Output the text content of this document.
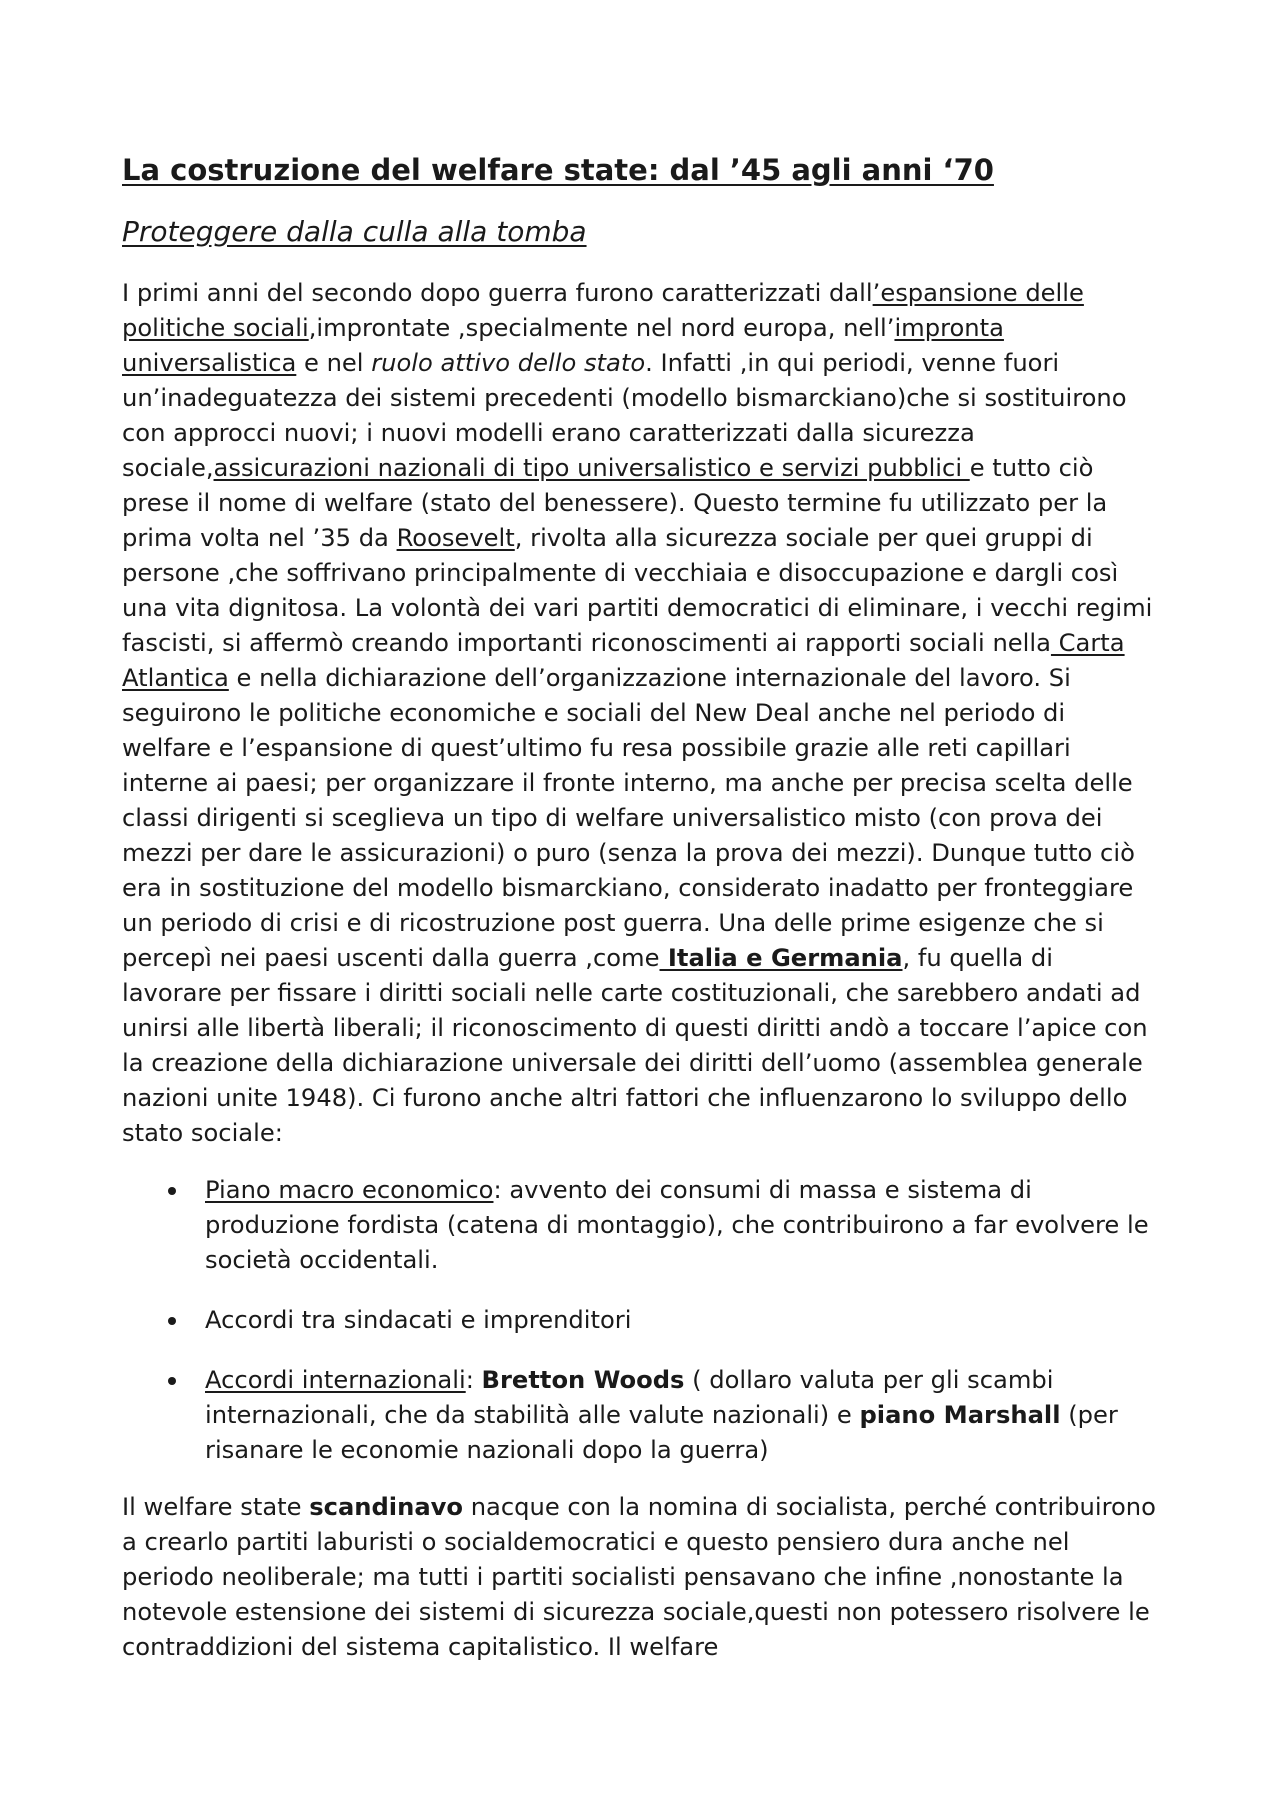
La costruzione del welfare state: dal ’45 agli anni ‘70
Proteggere dalla culla alla tomba

I primi anni del secondo dopo guerra furono caratterizzati dall’espansione delle politiche sociali,improntate ,specialmente nel nord europa, nell’impronta universalistica e nel ruolo attivo dello stato. Infatti ,in qui periodi, venne fuori un’inadeguatezza dei sistemi precedenti (modello bismarckiano)che si sostituirono con approcci nuovi; i nuovi modelli erano caratterizzati dalla sicurezza sociale,assicurazioni nazionali di tipo universalistico e servizi pubblici e tutto ciò prese il nome di welfare (stato del benessere). Questo termine fu utilizzato per la prima volta nel ’35 da Roosevelt, rivolta alla sicurezza sociale per quei gruppi di persone ,che soffrivano principalmente di vecchiaia e disoccupazione e dargli così una vita dignitosa. La volontà dei vari partiti democratici di eliminare, i vecchi regimi fascisti, si affermò creando importanti riconoscimenti ai rapporti sociali nella Carta Atlantica e nella dichiarazione dell’organizzazione internazionale del lavoro. Si seguirono le politiche economiche e sociali del New Deal anche nel periodo di welfare e l’espansione di quest’ultimo fu resa possibile grazie alle reti capillari interne ai paesi; per organizzare il fronte interno, ma anche per precisa scelta delle classi dirigenti si sceglieva un tipo di welfare universalistico misto (con prova dei mezzi per dare le assicurazioni) o puro (senza la prova dei mezzi). Dunque tutto ciò era in sostituzione del modello bismarckiano, considerato inadatto per fronteggiare un periodo di crisi e di ricostruzione post guerra. Una delle prime esigenze che si percepì nei paesi uscenti dalla guerra ,come Italia e Germania, fu quella di lavorare per fissare i diritti sociali nelle carte costituzionali, che sarebbero andati ad unirsi alle libertà liberali; il riconoscimento di questi diritti andò a toccare l’apice con la creazione della dichiarazione universale dei diritti dell’uomo (assemblea generale nazioni unite 1948). Ci furono anche altri fattori che influenzarono lo sviluppo dello stato sociale:

Piano macro economico: avvento dei consumi di massa e sistema di produzione fordista (catena di montaggio), che contribuirono a far evolvere le società occidentali.
Accordi tra sindacati e imprenditori
Accordi internazionali: Bretton Woods ( dollaro valuta per gli scambi internazionali, che da stabilità alle valute nazionali) e piano Marshall (per risanare le economie nazionali dopo la guerra)

Il welfare state scandinavo nacque con la nomina di socialista, perché contribuirono a crearlo partiti laburisti o socialdemocratici e questo pensiero dura anche nel periodo neoliberale; ma tutti i partiti socialisti pensavano che infine ,nonostante la notevole estensione dei sistemi di sicurezza sociale,questi non potessero risolvere le contraddizioni del sistema capitalistico. Il welfare
